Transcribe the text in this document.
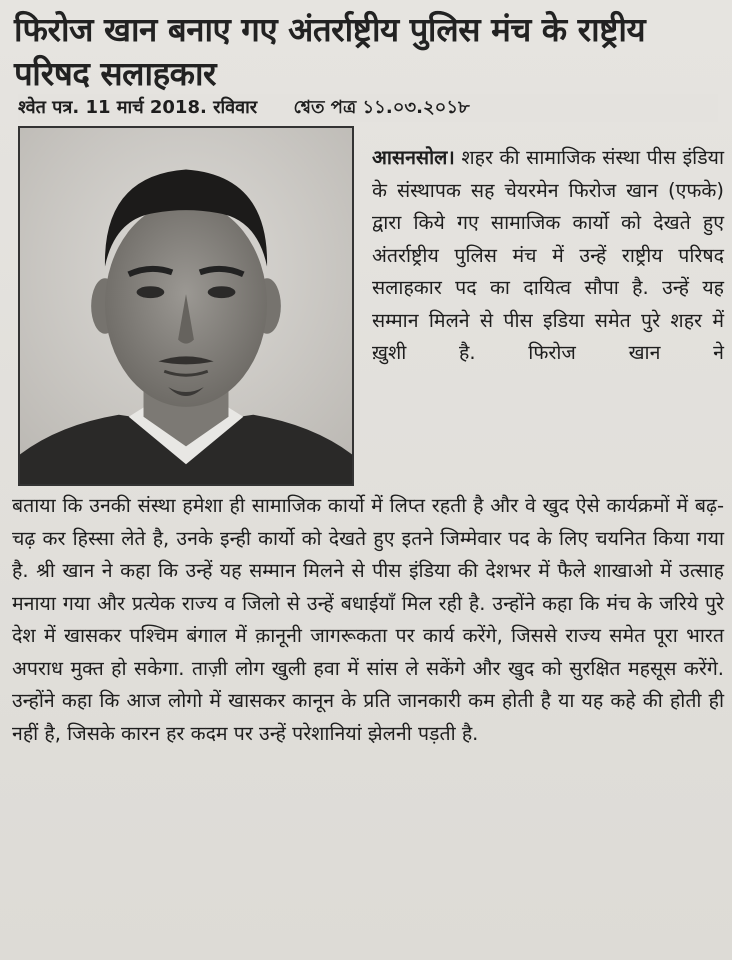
फिरोज खान बनाए गए अंतर्राष्ट्रीय पुलिस मंच के राष्ट्रीय परिषद सलाहकार
श्वेत पत्र. 11 मार्च 2018. रविवार শ্বেত পত্র ১১.০৩.২০১৮

आसनसोल। शहर की सामाजिक संस्था पीस इंडिया के संस्थापक सह चेयरमेन फिरोज खान (एफके) द्वारा किये गए सामाजिक कार्यो को देखते हुए अंतर्राष्ट्रीय पुलिस मंच में उन्हें राष्ट्रीय परिषद सलाहकार पद का दायित्व सौपा है. उन्हें यह सम्मान मिलने से पीस इडिया समेत पुरे शहर में ख़ुशी है. फिरोज खान ने

बताया कि उनकी संस्था हमेशा ही सामाजिक कार्यो में लिप्त रहती है और वे खुद ऐसे कार्यक्रमों में बढ़-चढ़ कर हिस्सा लेते है, उनके इन्ही कार्यो को देखते हुए इतने जिम्मेवार पद के लिए चयनित किया गया है. श्री खान ने कहा कि उन्हें यह सम्मान मिलने से पीस इंडिया की देशभर में फैले शाखाओ में उत्साह मनाया गया और प्रत्येक राज्य व जिलो से उन्हें बधाईयाँ मिल रही है. उन्होंने कहा कि मंच के जरिये पुरे देश में खासकर पश्चिम बंगाल में क़ानूनी जागरूकता पर कार्य करेंगे, जिससे राज्य समेत पूरा भारत अपराध मुक्त हो सकेगा. ताज़ी लोग खुली हवा में सांस ले सकेंगे और खुद को सुरक्षित महसूस करेंगे. उन्होंने कहा कि आज लोगो में खासकर कानून के प्रति जानकारी कम होती है या यह कहे की होती ही नहीं है, जिसके कारन हर कदम पर उन्हें परेशानियां झेलनी पड़ती है.
